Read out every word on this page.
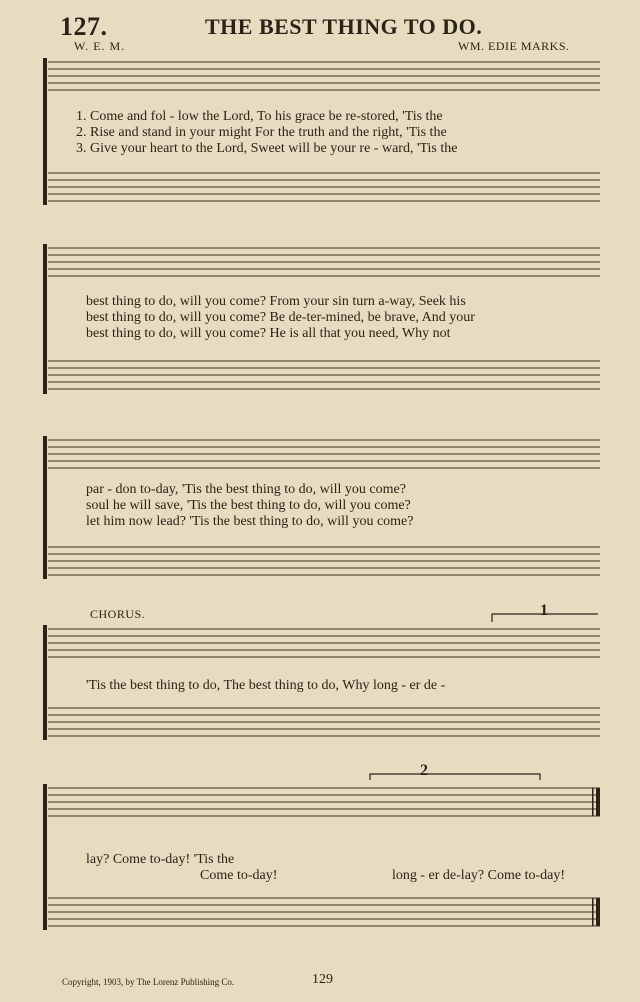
127.	THE BEST THING TO DO.
W. E. M.	WM. EDIE MARKS.
1. Come and fol - low the Lord, To his grace be re-stored, 'Tis the
2. Rise and stand in your might For the truth and the right, 'Tis the
3. Give your heart to the Lord, Sweet will be your re - ward, 'Tis the
best thing to do, will you come? From your sin turn a-way, Seek his
best thing to do, will you come? Be de-ter-mined, be brave, And your
best thing to do, will you come? He is all that you need, Why not
par - don to-day, 'Tis the best thing to do, will you come?
soul he will save, 'Tis the best thing to do, will you come?
let him now lead? 'Tis the best thing to do, will you come?
CHORUS.	1
'Tis the best thing to do, The best thing to do, Why long - er de -
2
lay? Come to-day! 'Tis the
Come to-day!	long - er de-lay? Come to-day!
Copyright, 1903, by The Lorenz Publishing Co.	129
